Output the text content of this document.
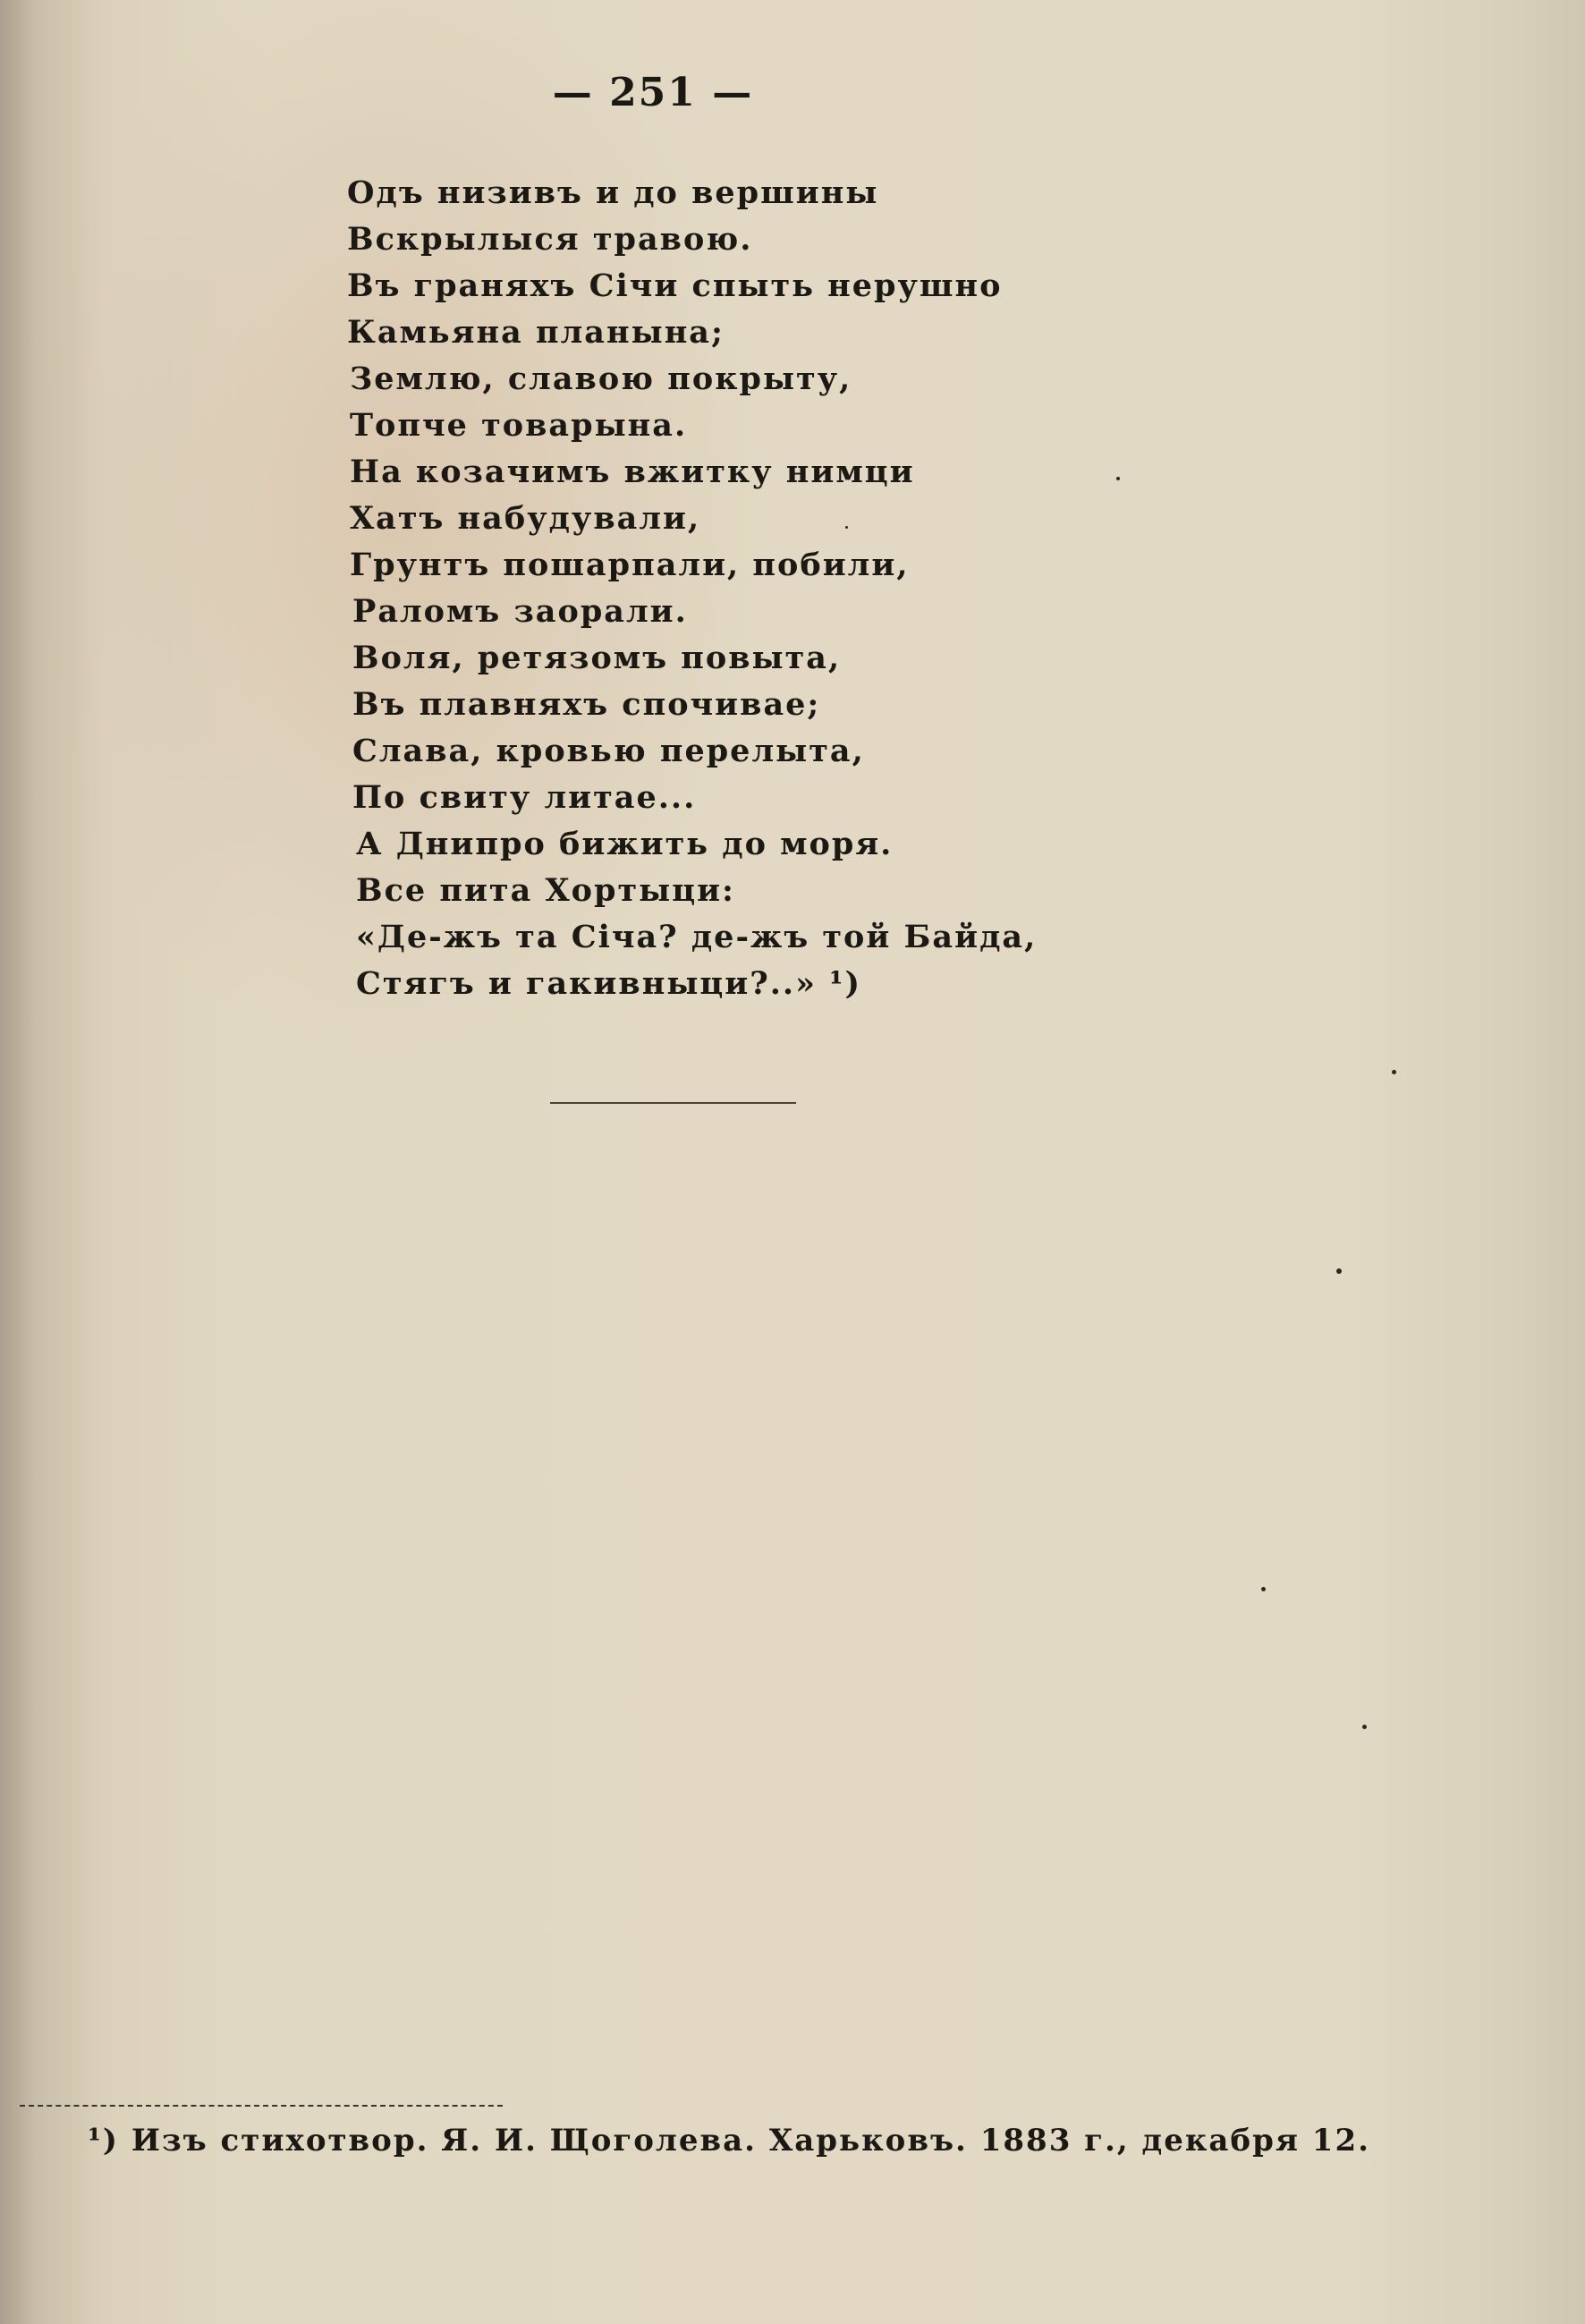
— 251 —
Одъ низивъ и до вершины
Вскрылыся травою.
Въ граняхъ Січи спыть нерушно
Камьяна планына;
Землю, славою покрыту,
Топче товарына.
На козачимъ вжитку нимци
Хатъ набудували,
Грунтъ пошарпали, побили,
Раломъ заорали.
Воля, ретязомъ повыта,
Въ плавняхъ спочивае;
Слава, кровью перелыта,
По свиту литае...
А Днипро бижить до моря.
Все пита Хортыци:
«Де-жъ та Січа? де-жъ той Байда,
Стягъ и гакивныци?..» ¹)
¹) Изъ стихотвор. Я. И. Щоголева. Харьковъ. 1883 г., декабря 12.
